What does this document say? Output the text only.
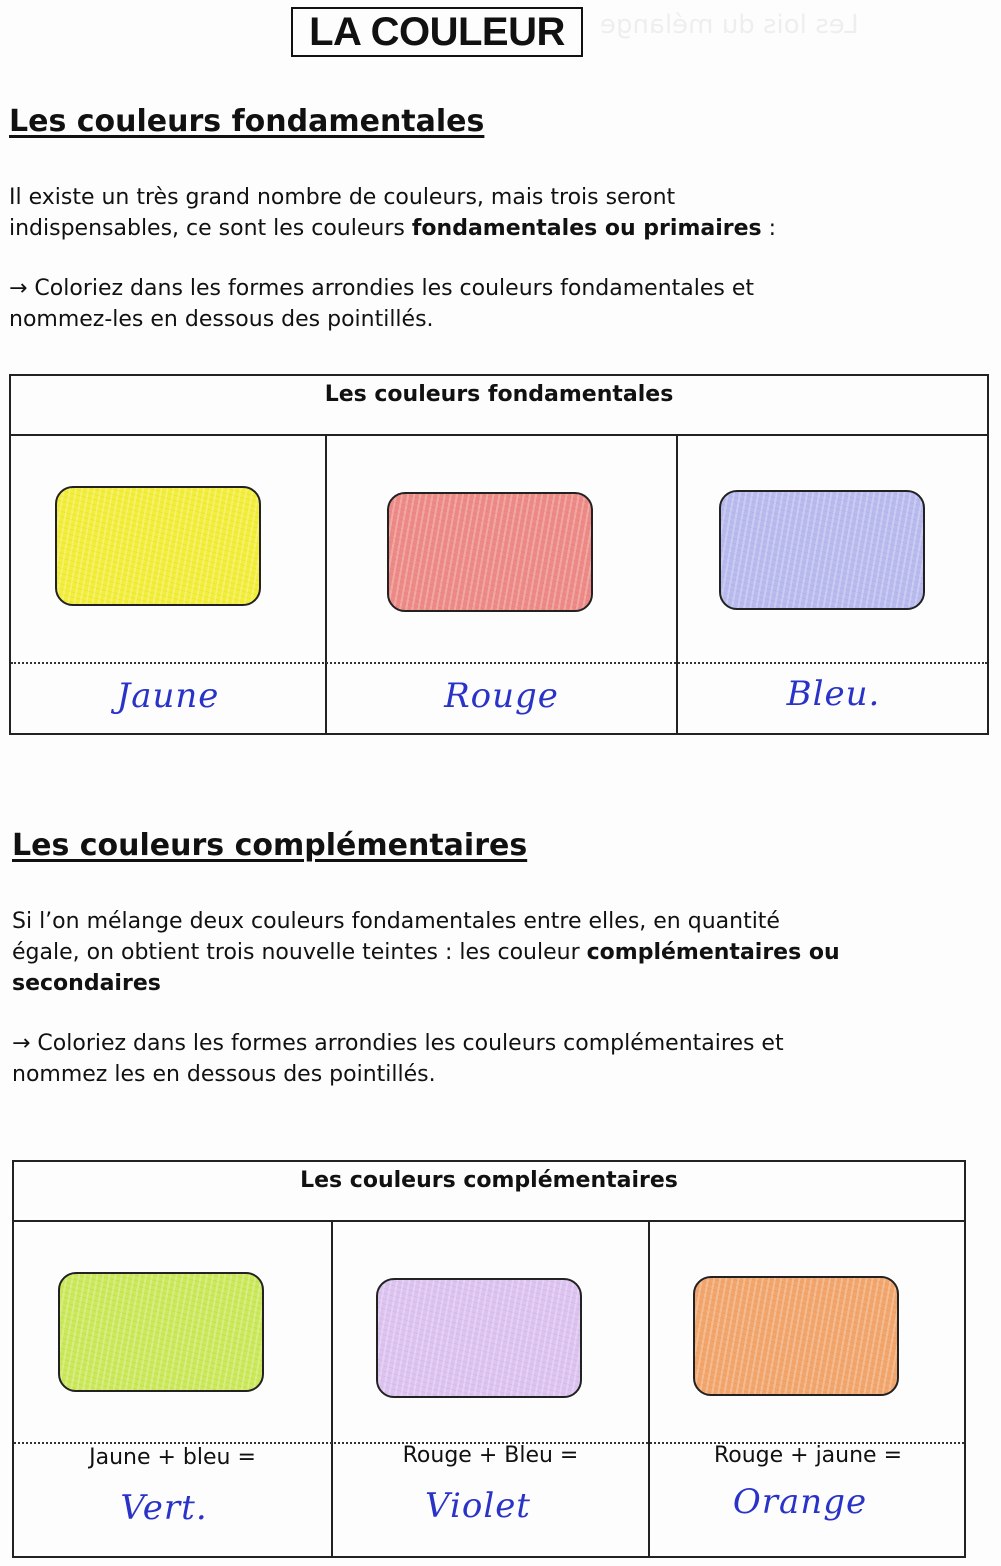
Les lois du mélange
LA COULEUR
Les couleurs fondamentales
Il existe un très grand nombre de couleurs, mais trois seront
indispensables, ce sont les couleurs fondamentales ou primaires :
→ Coloriez dans les formes arrondies les couleurs fondamentales et
nommez-les en dessous des pointillés.
Les couleurs fondamentales
Jaune	Rouge	Bleu.
Les couleurs complémentaires
Si l’on mélange deux couleurs fondamentales entre elles, en quantité
égale, on obtient trois nouvelle teintes : les couleur complémentaires ou
secondaires
→ Coloriez dans les formes arrondies les couleurs complémentaires et
nommez les en dessous des pointillés.
Les couleurs complémentaires
Jaune + bleu =	Rouge + Bleu =	Rouge + jaune =
Vert.	Violet	Orange
